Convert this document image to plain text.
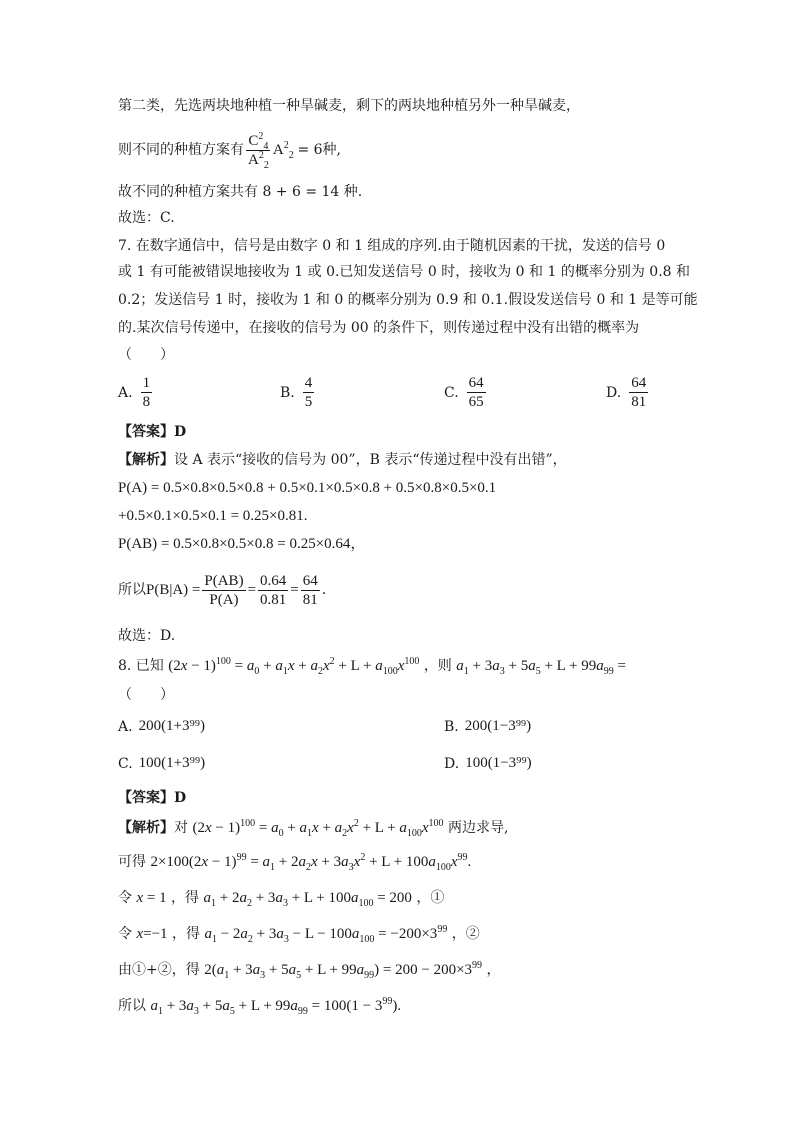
第二类，先选两块地种植一种旱碱麦，剩下的两块地种植另外一种旱碱麦，
则不同的种植方案有 $\frac{C^2_4}{A^2_2} A^2_2 = 6$种,
故不同的种植方案共有 8 + 6 = 14 种.
故选：C.
7. 在数字通信中，信号是由数字 0 和 1 组成的序列.由于随机因素的干扰，发送的信号 0
或 1 有可能被错误地接收为 1 或 0.已知发送信号 0 时，接收为 0 和 1 的概率分别为 0.8 和
0.2；发送信号 1 时，接收为 1 和 0 的概率分别为 0.9 和 0.1.假设发送信号 0 和 1 是等可能
的.某次信号传递中，在接收的信号为 00 的条件下，则传递过程中没有出错的概率为
（　　）
A. $\frac{1}{8}$	B. $\frac{4}{5}$	C. $\frac{64}{65}$	D. $\frac{64}{81}$
【答案】D
【解析】设 A 表示“接收的信号为 00”，B 表示“传递过程中没有出错”，
P(A) = 0.5×0.8×0.5×0.8 + 0.5×0.1×0.5×0.8 + 0.5×0.8×0.5×0.1
+0.5×0.1×0.5×0.1 = 0.25×0.81.
P(AB) = 0.5×0.8×0.5×0.8 = 0.25×0.64，
所以 $P(B|A) = \frac{P(AB)}{P(A)} = \frac{0.64}{0.81} = \frac{64}{81}$ .
故选：D.
8. 已知 $(2x - 1)^{100} = a_0 + a_1x + a_2x^2 + L + a_{100}x^{100}$ ，则 $a_1 + 3a_3 + 5a_5 + L + 99a_{99}$ =
（　　）
A. 200(1+3⁹⁹)	B. 200(1−3⁹⁹)
C. 100(1+3⁹⁹)	D. 100(1−3⁹⁹)
【答案】D
【解析】对 $(2x - 1)^{100} = a_0 + a_1x + a_2x^2 + L + a_{100}x^{100}$ 两边求导,
可得 $2\times 100(2x - 1)^{99} = a_1 + 2a_2x + 3a_3x^2 + L + 100a_{100}x^{99}$.
令 x = 1 ，得 $a_1 + 2a_2 + 3a_3 + L + 100a_{100} = 200$ ，①
令 x=−1 ，得 $a_1 - 2a_2 + 3a_3 - L - 100a_{100} = -200\times 3^{99}$ ，②
由①+②，得 $2(a_1 + 3a_3 + 5a_5 + L + 99a_{99}) = 200 - 200\times 3^{99}$ ，
所以 $a_1 + 3a_3 + 5a_5 + L + 99a_{99} = 100(1 - 3^{99})$.
